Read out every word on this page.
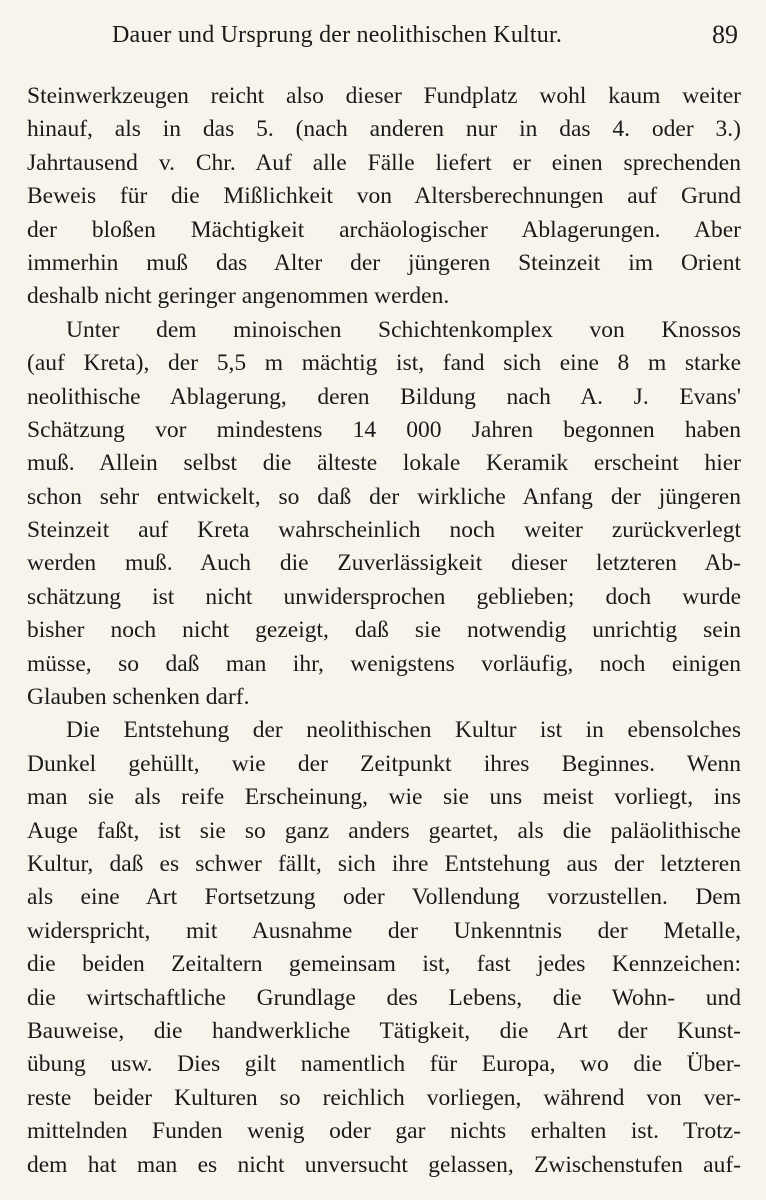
Dauer und Ursprung der neolithischen Kultur.	89
Steinwerkzeugen reicht also dieser Fundplatz wohl kaum weiter
hinauf, als in das 5. (nach anderen nur in das 4. oder 3.)
Jahrtausend v. Chr. Auf alle Fälle liefert er einen sprechenden
Beweis für die Mißlichkeit von Altersberechnungen auf Grund
der bloßen Mächtigkeit archäologischer Ablagerungen. Aber
immerhin muß das Alter der jüngeren Steinzeit im Orient
deshalb nicht geringer angenommen werden.
Unter dem minoischen Schichtenkomplex von Knossos
(auf Kreta), der 5,5 m mächtig ist, fand sich eine 8 m starke
neolithische Ablagerung, deren Bildung nach A. J. Evans'
Schätzung vor mindestens 14 000 Jahren begonnen haben
muß. Allein selbst die älteste lokale Keramik erscheint hier
schon sehr entwickelt, so daß der wirkliche Anfang der jüngeren
Steinzeit auf Kreta wahrscheinlich noch weiter zurückverlegt
werden muß. Auch die Zuverlässigkeit dieser letzteren Ab-
schätzung ist nicht unwidersprochen geblieben; doch wurde
bisher noch nicht gezeigt, daß sie notwendig unrichtig sein
müsse, so daß man ihr, wenigstens vorläufig, noch einigen
Glauben schenken darf.
Die Entstehung der neolithischen Kultur ist in ebensolches
Dunkel gehüllt, wie der Zeitpunkt ihres Beginnes. Wenn
man sie als reife Erscheinung, wie sie uns meist vorliegt, ins
Auge faßt, ist sie so ganz anders geartet, als die paläolithische
Kultur, daß es schwer fällt, sich ihre Entstehung aus der letzteren
als eine Art Fortsetzung oder Vollendung vorzustellen. Dem
widerspricht, mit Ausnahme der Unkenntnis der Metalle,
die beiden Zeitaltern gemeinsam ist, fast jedes Kennzeichen:
die wirtschaftliche Grundlage des Lebens, die Wohn- und
Bauweise, die handwerkliche Tätigkeit, die Art der Kunst-
übung usw. Dies gilt namentlich für Europa, wo die Über-
reste beider Kulturen so reichlich vorliegen, während von ver-
mittelnden Funden wenig oder gar nichts erhalten ist. Trotz-
dem hat man es nicht unversucht gelassen, Zwischenstufen auf-
